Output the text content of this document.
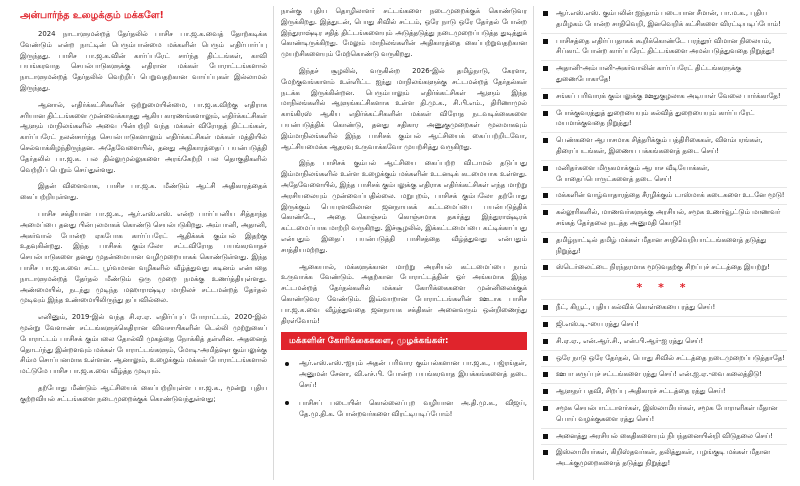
அன்பார்ந்த உழைக்கும் மக்களே!

2024 நாடாளுமன்றத் தேர்தலில் பாசிச பா.ஜ.க.வைத் தோற்கடிக்க வேண்டும் என்ற நாட்டின் பெரும்பான்மை மக்களின் பெரும் எதிர்பார்ப்பு இருந்தது. பாசிச பா.ஜ.க.வின் கார்ப்பரேட் சார்ந்த திட்டங்கள், காவி பயங்கரவாத செயல்பாடுகளுக்கு எதிரான மக்கள் போராட்டங்களால் நாடாளுமன்றத் தேர்தலில் வெற்றிப் பெறுவதற்கான வாய்ப்புகள் இல்லாமல் இருந்தது.

ஆனால், எதிர்க்கட்சிகளின் ஒற்றுமையின்மை, பா.ஜ.க.விற்கு எதிராக சரியான திட்டங்களை முன்வைக்காதது ஆகிய காரணங்களாலும், எதிர்க்கட்சிகள் ஆளும் மாநிலங்களில் அவை பின்பற்றி வந்த மக்கள் விரோதத் திட்டங்கள், கார்ப்பரேட் நலன்சார்ந்த செயல்பாடுகளாலும் எதிர்க்கட்சிகள் மக்கள் மத்தியில் செல்வாக்கிழந்திருந்தன. அதேவேளையில், தனது அதிகாரத்தைப் பயன்படுத்தி தேர்தலில் பா.ஜ.க. பல தில்லுமுல்லுகளை அரங்கேற்றி பல தொகுதிகளில் வெற்றிப் பெறும் செய்துள்ளது.

இதன் விளைவாக, பாசிச பா.ஜ.க. மீண்டும் ஆட்சி அதிகாரத்தைக் கைப்பற்றியுள்ளது.

பாசிச சக்தியான பா.ஜ.க., ஆர்.எஸ்.எஸ். என்ற பார்ப்பனிய சித்தாந்த அமைப்பை தனது பின்புலமாகக் கொண்டு செயல்படுகிறது. அம்பானி, அதானி, அகர்வால் போன்ற ஏகபோக கார்ப்பரேட் ஆதிக்கக் கும்பல் இதற்கு உதவுகின்றது. இந்த பாசிசக் கும்பலோ சட்டவிரோத பயங்கரவாதச் செயல்பாடுகளை தனது முதன்மையான வழிமுறையாகக் கொண்டுள்ளது. இந்த பாசிச பா.ஜ.க.வை சட்ட பூர்வமான வழிகளில் வீழ்த்துவது கடினம் என்பதை நாடாளுமன்றத் தேர்தல் மீண்டும் ஒரு முறை நமக்கு உணர்த்தியுள்ளது. அண்மையில், நடந்து முடிந்த மஹாராஷ்டிர மாநிலச் சட்டமன்றத் தேர்தல் முடிவும் இந்த உண்மையிலிருந்து தப்பவில்லை.

எனினும், 2019-இல் வந்த சி.ஏ.ஏ. எதிர்ப்புப் போராட்டம், 2020-இல் மூன்று வேளாண் சட்டங்களுக்கெதிரான விவசாயிகளின் டெல்லி முற்றுகைப் போராட்டம் பாசிசக் கும்பலை தோல்வி முகத்தை நோக்கித் தள்ளின. அதனைத் தொடர்ந்து இன்றளவும் மக்கள் போராட்டங்களும், மோடி-அமித்ஷா கும்பலுக்கு சிம்ம சொப்பனமாக உள்ளன. ஆனாலும், உழைக்கும் மக்கள் போராட்டங்களால் மட்டுமே பாசிச பா.ஜ.க.வை வீழ்த்த முடியும்.

தற்போது மீண்டும் ஆட்சியைக் கைப்பற்றியுள்ள பா.ஜ.க., மூன்று புதிய குற்றவியல் சட்டங்களை நடைமுறைக்குக் கொண்டுவந்துள்ளது;

நான்கு புதிய தொழிலாளர் சட்டங்களை நடைமுறைக்குக் கொண்டுவர இருக்கிறது. இத்துடன், பொது சிவில் சட்டம், ஒரே நாடு ஒரே தேர்தல் போன்ற இந்துராஷ்டிர சதித் திட்டங்களையும் அடுத்தடுத்து நடைமுறைப்படுத்த துடித்துக் கொண்டிருக்கிறது. மேலும் மாநிலங்களின் அதிகாரத்தை கைப்பற்றுவதற்கான முயற்சிகளையும் மேற்கொண்டு வருகிறது.

இந்தச் சூழலில், வருகின்ற 2026-இல் தமிழ்நாடு, கேரளா, மேற்குவங்காளம் உள்ளிட்ட ஐந்து மாநிலங்களுக்கு சட்டமன்றத் தேர்தல்கள் நடக்க இருக்கின்றன. பெரும்பாலும் எதிர்க்கட்சிகள் ஆளும் இந்த மாநிலங்களில் ஆளுங்கட்சிகளாக உள்ள தி.மு.க., சி.பி.எம்., திரிணாமுல் காங்கிரஸ் ஆகிய எதிர்க்கட்சிகளின் மக்கள் விரோத நடவடிக்கைகளை பயன்படுத்திக் கொண்டு, தனது சதிகார அணுகுமுறைகள் மூலமாகவும் இம்மாநிலங்களில் இந்த பாசிசக் கும்பல் ஆட்சியைக் கைப்பற்றிடவோ, ஆட்சியமைக்க ஆதரவு உருவாக்கவோ முயற்சித்து வருகிறது.

இந்த பாசிசக் கும்பல் ஆட்சியை கைப்பற்ற விடாமல் தடுப்பது இம்மாநிலங்களில் உள்ள உழைக்கும் மக்களின் உடனடிக் கடமையாக உள்ளது. அதேவேளையில், இந்த பாசிசக் கும்பலுக்கு எதிராக எதிர்க்கட்சிகள் எந்த மாற்று அரசியலையும் முன்வைப்பதில்லை. மறுபுறம், பாசிசக் கும்பலோ தற்போது இருக்கும் பெயரளவிலான ஜனநாயகக் கட்டமைப்பை பயன்படுத்திக் கொண்டே, அதை கொஞ்சம் கொஞ்சமாக தகர்த்து இந்துராஷ்டிரக் கட்டமைப்பாக மாற்றி வருகிறது. இச்சூழலில், இக்கட்டமைப்பை கட்டிக்காப்பது என்பதும் இதைப் பயன்படுத்தி பாசிசத்தை வீழ்த்துவது என்பதும் சாத்தியமற்றது.

ஆகையால், மக்களுக்கான மாற்று அரசியல் கட்டமைப்பை நாம் உருவாக்க வேண்டும். அதற்கான போராட்டத்தின் ஓர் அங்கமாக இந்த சட்டமன்றத் தேர்தல்களில் மக்கள் கோரிக்கைகளை முன்னிலைக்குக் கொண்டுவர வேண்டும். இவ்வாறான போராட்டங்களின் ஊடாக பாசிச பா.ஜ.க.வை வீழ்த்துவதை ஜனநாயக சக்திகள் அனைவரும் ஒன்றிணைந்து திரள்வோம்!

மக்களின் கோரிக்கைகளை, முழக்கங்கள்:
ஆர்.எஸ்.எஸ்.-ஐயும் அதன் பரிவார கும்பல்களான பா.ஜ.க., பஜ்ரங்தள், அனுமன் சேனா, வி.எச்.பி. போன்ற பயங்கரவாத இயக்கங்களைத் தடை செய்!
பாசிசப் படையின் கொல்லைப்புற வழியான அ.தி.மு.க., விஜய், தே.மு.தி.க. போன்றவர்களை விரட்டியடிப்போம்!
ஆர்.எஸ்.எஸ். கும்பலின் ஐந்தாம் படையான சீமான், பா.ம.க., புதிய தமிழகம் போன்ற சாதிவெறி, இனவெறிக் கட்சிகளை விரட்டியடிப்போம்!
பாசிசத்தை எதிர்ப்பதாகக் கூறிக்கொண்டே பரந்தூர் விமான நிலையம், சிப்காட் போன்ற கார்ப்பரேட் திட்டங்களை அமல்படுத்துவதை நிறுத்து!
அதானி-அம்பானி-அகர்வாலின் கார்ப்பரேட் திட்டங்களுக்கு துணைபோகாதே!
சங்கப் பரிவாரக் கும்பலுக்கு ஊதுகுழலாக அடியாள் வேலை பார்க்காதே!
போக்குவரத்துத் துறையையும் கல்வித் துறையையும் கார்ப்பரேட் மயமாக்குவதை நிறுத்து!
பெண்களை ஆபாசமாக சித்தரிக்கும் பத்திரிகைகள், விளம்பரங்கள், திரைப்படங்கள், இணைய பக்கங்களைத் தடை செய்!
மனிதர்களை மிருகமாக்கும் ஆபாச வீடியோக்கள், போதைப்பொருட்களைத் தடை செய்!
மக்களின் வாழ்வாதாரத்தை சீரழிக்கும் டாஸ்மாக் கடைகளை உடனே மூடு!
கல்லூரிகளில், மாணவர்களுக்கு அரசியல், சமூக உணர்வூட்டும் மாணவர் சங்கத் தேர்தலை நடத்த அனுமதி கொடு!
தமிழ்நாட்டில் தமிழ் மக்கள் மீதான சாதிவெறியாட்டங்களைத் தடுத்து நிறுத்து!
ஸ்டெர்லைட்டை நிரந்தரமாக மூடுவதற்கு சிறப்புச் சட்டத்தை இயற்று!
* * *
நீட், கியூட், புதிய கல்விக் கொள்கையை ரத்து செய்!
ஜி.எஸ்.டி.-யை ரத்து செய்!
சி.ஏ.ஏ., என்.ஆர்.சி., என்.பி.ஆர்-ஐ ரத்து செய்!
ஒரே நாடு ஒரே தேர்தல், பொது சிவில் சட்டத்தை நடைமுறைப்படுத்தாதே!
ஊபா கருப்புச் சட்டங்களை ரத்து செய்! என்.ஐ.ஏ.-வை கலைத்திடு!
ஆளுநர் பதவி, சிறப்பு அதிகாரச் சட்டத்தை ரத்து செய்!
சமூக செயல்பாட்டாளர்கள், இஸ்லாமியர்கள், சமூக போராளிகள் மீதான பொய் வழக்குகளை ரத்து செய்!
அனைத்து அரசியல் கைதிகளையும் நிபந்தனையின்றி விடுதலை செய்!
இஸ்லாமியர்கள், கிறிஸ்தவர்கள், தலித்துகள், பழங்குடி மக்கள் மீதான அடக்குமுறைகளைத் தடுத்து நிறுத்து!
